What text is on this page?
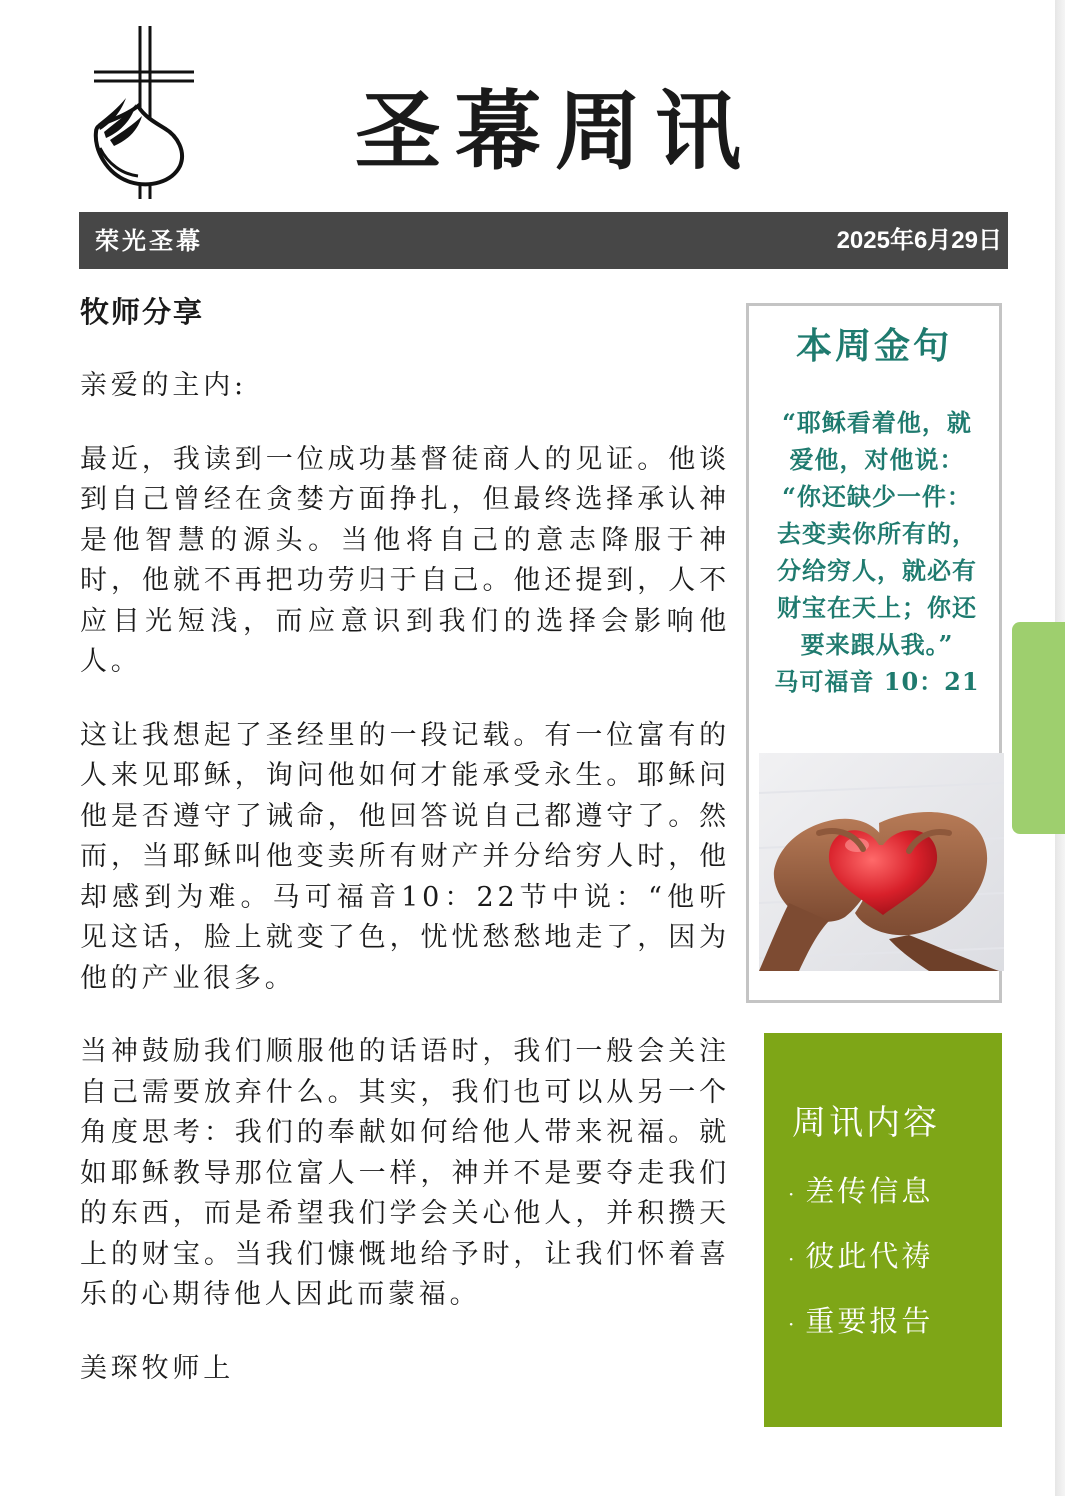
圣幕周讯
荣光圣幕	2025年6月29日
牧师分享

亲爱的主内:

最近，我读到一位成功基督徒商人的见证。他谈到自己曾经在贪婪方面挣扎，但最终选择承认神是他智慧的源头。当他将自己的意志降服于神时，他就不再把功劳归于自己。他还提到，人不应目光短浅，而应意识到我们的选择会影响他人。

这让我想起了圣经里的一段记载。有一位富有的人来见耶稣，询问他如何才能承受永生。耶稣问他是否遵守了诫命，他回答说自己都遵守了。然而，当耶稣叫他变卖所有财产并分给穷人时，他却感到为难。马可福音10：22节中说：“他听见这话，脸上就变了色，忧忧愁愁地走了，因为他的产业很多。

当神鼓励我们顺服他的话语时，我们一般会关注自己需要放弃什么。其实，我们也可以从另一个角度思考：我们的奉献如何给他人带来祝福。就如耶稣教导那位富人一样，神并不是要夺走我们的东西，而是希望我们学会关心他人，并积攒天上的财宝。当我们慷慨地给予时，让我们怀着喜乐的心期待他人因此而蒙福。

美琛牧师上

本周金句
“耶稣看着他，就
爱他，对他说：
“你还缺少一件：
去变卖你所有的，
分给穷人，就必有
财宝在天上；你还
要来跟从我。”
马可福音 10：21
周讯内容
· 差传信息
· 彼此代祷
· 重要报告
